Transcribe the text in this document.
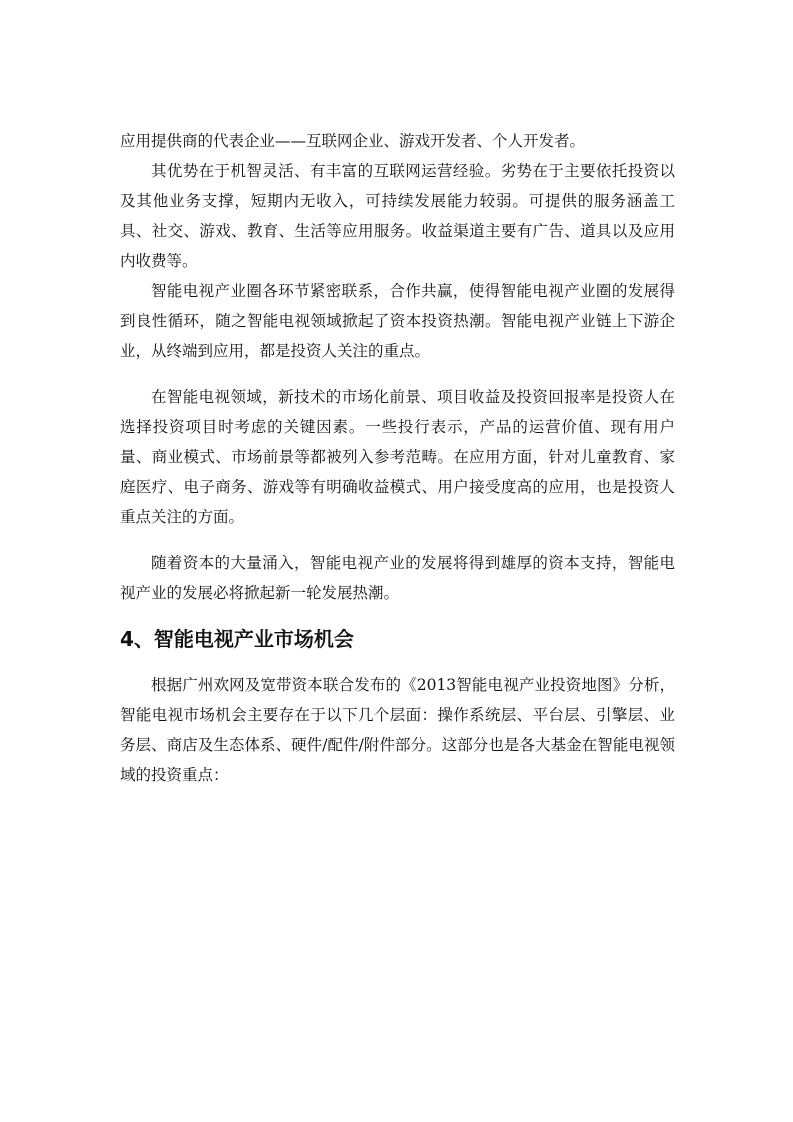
应用提供商的代表企业——互联网企业、游戏开发者、个人开发者。

其优势在于机智灵活、有丰富的互联网运营经验。劣势在于主要依托投资以及其他业务支撑，短期内无收入，可持续发展能力较弱。可提供的服务涵盖工具、社交、游戏、教育、生活等应用服务。收益渠道主要有广告、道具以及应用内收费等。

智能电视产业圈各环节紧密联系，合作共赢，使得智能电视产业圈的发展得到良性循环，随之智能电视领域掀起了资本投资热潮。智能电视产业链上下游企业，从终端到应用，都是投资人关注的重点。

在智能电视领域，新技术的市场化前景、项目收益及投资回报率是投资人在选择投资项目时考虑的关键因素。一些投行表示，产品的运营价值、现有用户量、商业模式、市场前景等都被列入参考范畴。在应用方面，针对儿童教育、家庭医疗、电子商务、游戏等有明确收益模式、用户接受度高的应用，也是投资人重点关注的方面。

随着资本的大量涌入，智能电视产业的发展将得到雄厚的资本支持，智能电视产业的发展必将掀起新一轮发展热潮。

4、智能电视产业市场机会

根据广州欢网及宽带资本联合发布的《2013智能电视产业投资地图》分析，智能电视市场机会主要存在于以下几个层面：操作系统层、平台层、引擎层、业务层、商店及生态体系、硬件/配件/附件部分。这部分也是各大基金在智能电视领域的投资重点：
